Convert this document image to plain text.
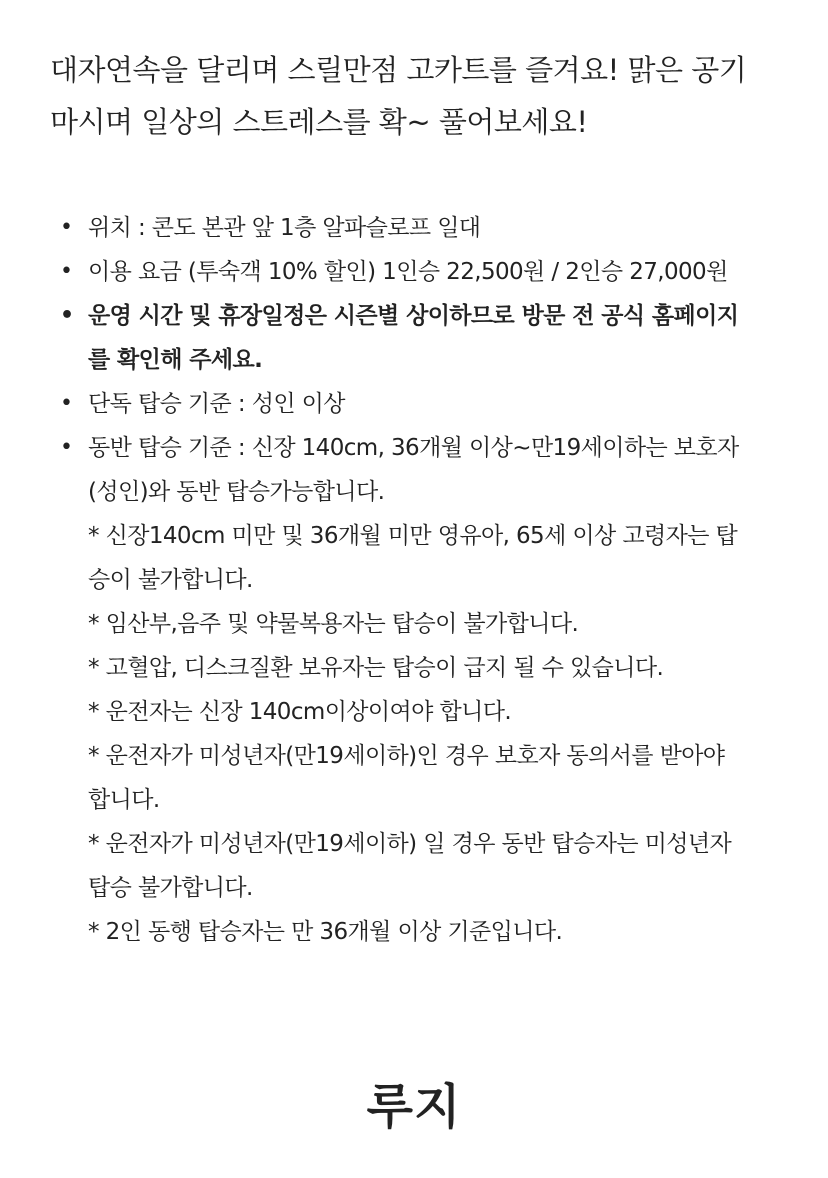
대자연속을 달리며 스릴만점 고카트를 즐겨요! 맑은 공기
마시며 일상의 스트레스를 확~ 풀어보세요!

• 위치 : 콘도 본관 앞 1층 알파슬로프 일대
• 이용 요금 (투숙객 10% 할인) 1인승 22,500원 / 2인승 27,000원
• 운영 시간 및 휴장일정은 시즌별 상이하므로 방문 전 공식 홈페이지
를 확인해 주세요.
• 단독 탑승 기준 : 성인 이상
• 동반 탑승 기준 : 신장 140cm, 36개월 이상~만19세이하는 보호자
(성인)와 동반 탑승가능합니다.
* 신장140cm 미만 및 36개월 미만 영유아, 65세 이상 고령자는 탑
승이 불가합니다.
* 임산부,음주 및 약물복용자는 탑승이 불가합니다.
* 고혈압, 디스크질환 보유자는 탑승이 급지 될 수 있습니다.
* 운전자는 신장 140cm이상이여야 합니다.
* 운전자가 미성년자(만19세이하)인 경우 보호자 동의서를 받아야
합니다.
* 운전자가 미성년자(만19세이하) 일 경우 동반 탑승자는 미성년자
탑승 불가합니다.
* 2인 동행 탑승자는 만 36개월 이상 기준입니다.
루지
